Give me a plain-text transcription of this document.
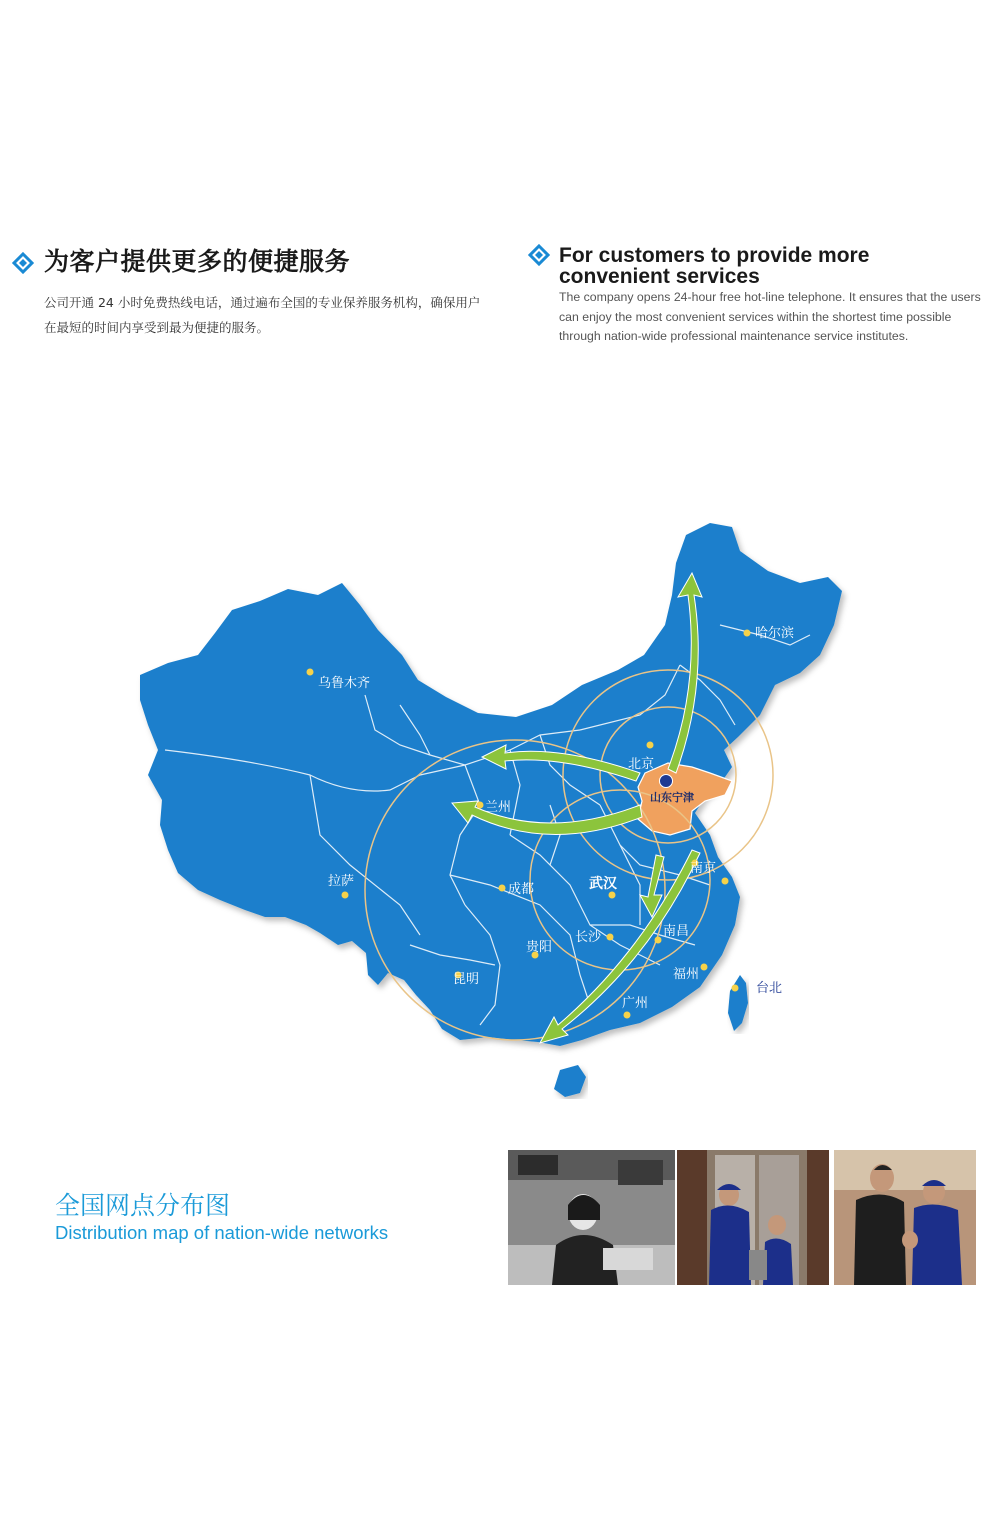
为客户提供更多的便捷服务

公司开通 24 小时免费热线电话，通过遍布全国的专业保养服务机构，确保用户在最短的时间内享受到最为便捷的服务。

For customers to provide more convenient services

The company opens 24-hour free hot-line telephone. It ensures that the users can enjoy the most convenient services within the shortest time possible through nation-wide professional maintenance service institutes.

哈尔滨
乌鲁木齐
北京
山东宁津
兰州
拉萨
成都	武汉
南京
上海
长沙	南昌
贵阳
昆明	福州
台北
广州

全国网点分布图

Distribution map of nation-wide networks
